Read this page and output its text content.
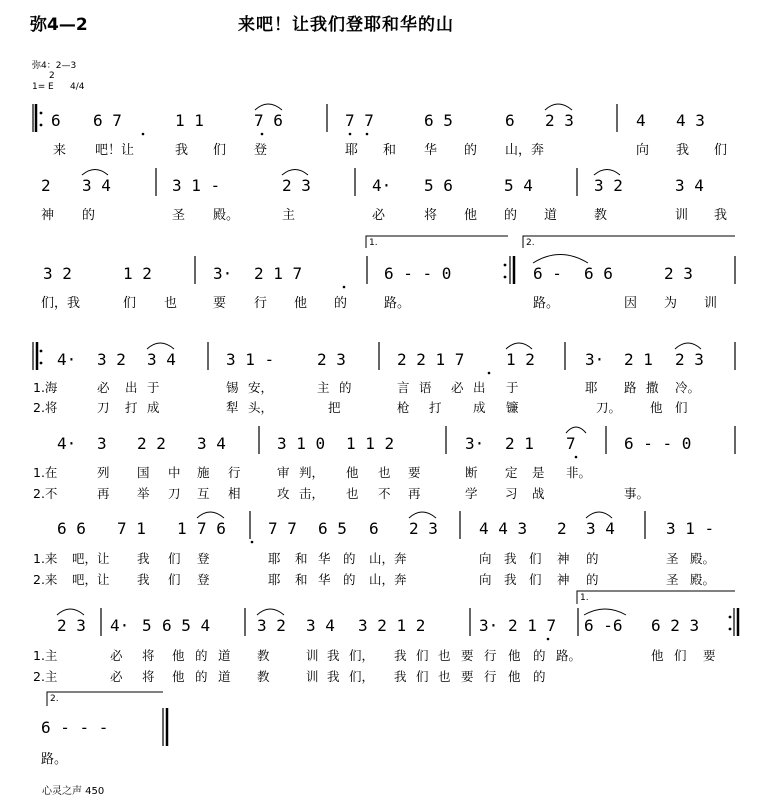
弥4—2	来吧！让我们登耶和华的山
弥4：2—3
2
1= E 4/4
1.	2.
1.
2.
6 6 7	1 1	7 6	7 7	6 5	6 2 3	4 4 3
来 吧！让	我 们 登	耶 和 华 的 山，奔	向 我 们
2 3 4	3 1 -	2 3	4· 5 6	5 4	3 2	3 4
神 的	圣 殿。	主	必	将 他 的 道	教	训 我
3 2	1 2	3· 2 1 7	6 - - 0	6 - 6 6	2 3
们，我	们 也	要 行 他 的	路。	路。	因 为 训
4· 3 2 3 4	3 1 -	2 3	2 2 1 7	1 2	3· 2 1 2 3
1.海	必 出 于	锡 安，	主 的	言 语 必 出 于	耶 路 撒 冷。
2.将	刀 打 成	犁 头，	把	枪 打	成 镰	刀。 他 们
4· 3 2 2 3 4	3 1 0 1 1 2	3· 2 1 7	6 - - 0
1.在	列 国 中 施 行	审 判， 他 也 要	断 定 是 非。
2.不	再 举 刀 互 相	攻 击， 也 不 再	学 习 战	事。
6 6 7 1 1 7 6	7 7 6 5 6 2 3	4 4 3 2 3 4	3 1 -
1.来 吧，让 我 们 登	耶 和 华 的 山，奔	向 我 们 神 的	圣 殿。
2.来 吧，让 我 们 登	耶 和 华 的 山，奔	向 我 们 神 的	圣 殿。
2 3 4· 5 6 5 4	3 2 3 4 3 2 1 2	3· 2 1 7 6 -6 6 2 3
1.主	必 将 他 的 道 教	训 我 们， 我 们 也 要 行 他 的 路。	他 们 要
2.主	必 将 他 的 道 教	训 我 们， 我 们 也 要 行 他 的
6 - - -
路。
心灵之声 450
